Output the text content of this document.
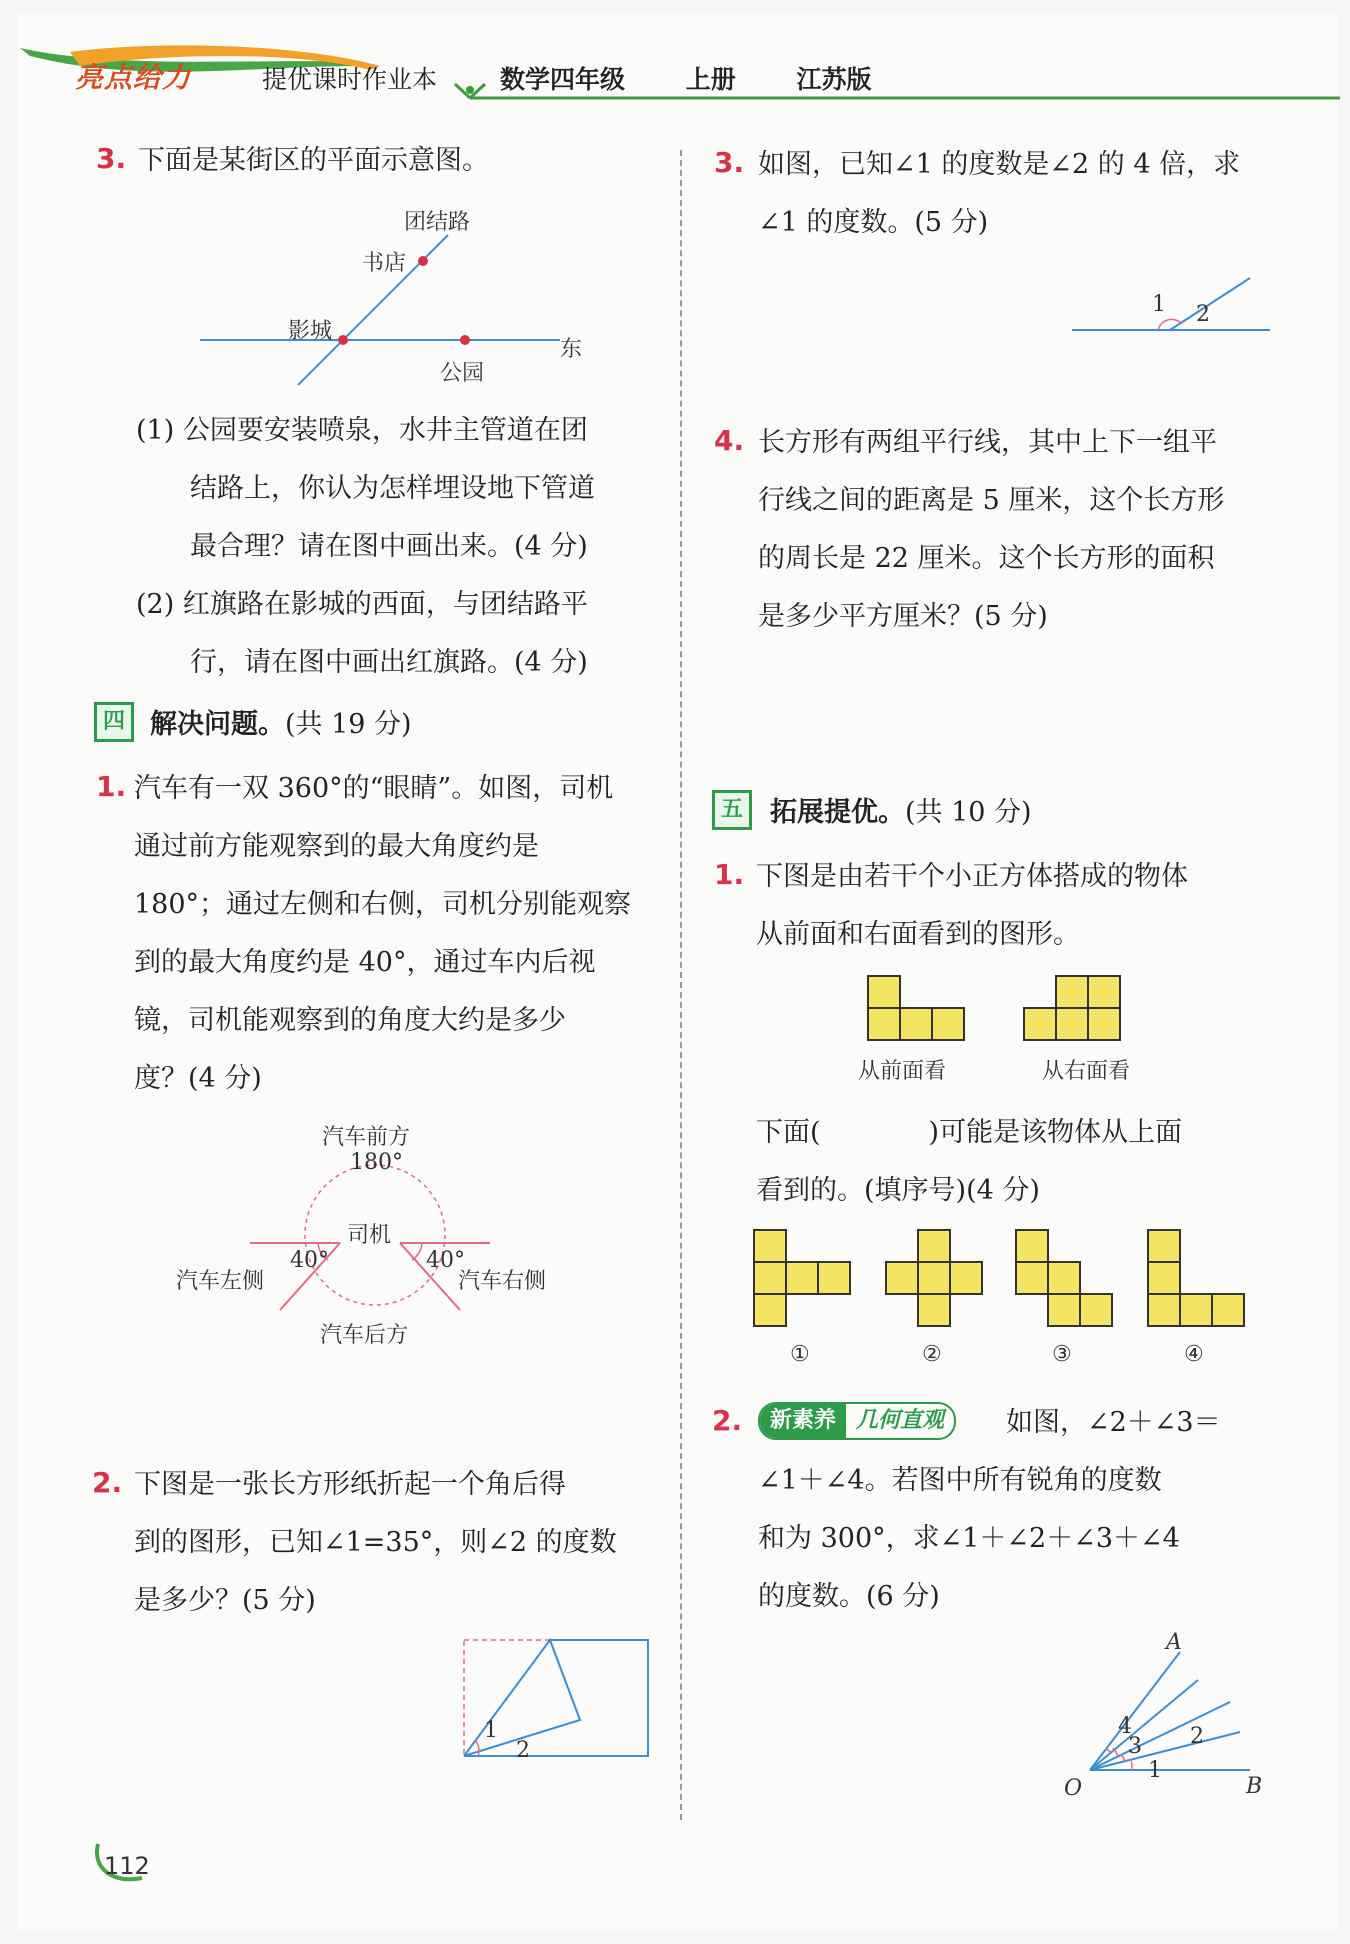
亮点给力	提优课时作业本	数学四年级 上册 江苏版
3. 下面是某街区的平面示意图。
团结路
书店
影城
东
公园
(1) 公园要安装喷泉，水井主管道在团
结路上，你认为怎样埋设地下管道
最合理？请在图中画出来。(4 分)
(2) 红旗路在影城的西面，与团结路平
行，请在图中画出红旗路。(4 分)
四 解决问题。(共 19 分)
1. 汽车有一双 360°的“眼睛”。如图，司机
通过前方能观察到的最大角度约是
180°；通过左侧和右侧，司机分别能观察
到的最大角度约是 40°，通过车内后视
镜，司机能观察到的角度大约是多少
度？(4 分)
汽车前方
180°
司机
汽车左侧
40°	40°
汽车右侧
汽车后方
2. 下图是一张长方形纸折起一个角后得
到的图形，已知∠1=35°，则∠2 的度数
是多少？(5 分)
1
2
3. 如图，已知∠1 的度数是∠2 的 4 倍，求
∠1 的度数。(5 分)
1 2
4. 长方形有两组平行线，其中上下一组平
行线之间的距离是 5 厘米，这个长方形
的周长是 22 厘米。这个长方形的面积
是多少平方厘米？(5 分)
五	拓展提优。(共 10 分)
1. 下图是由若干个小正方体搭成的物体
从前面和右面看到的图形。
从前面看	从右面看
下面(　　　　)可能是该物体从上面
看到的。(填序号)(4 分)
①	②	③	④
2.	新素养 几何直观	如图，∠2＋∠3＝
∠1＋∠4。若图中所有锐角的度数
和为 300°，求∠1＋∠2＋∠3＋∠4
的度数。(6 分)
A
B
O
1
2
3
4
112
